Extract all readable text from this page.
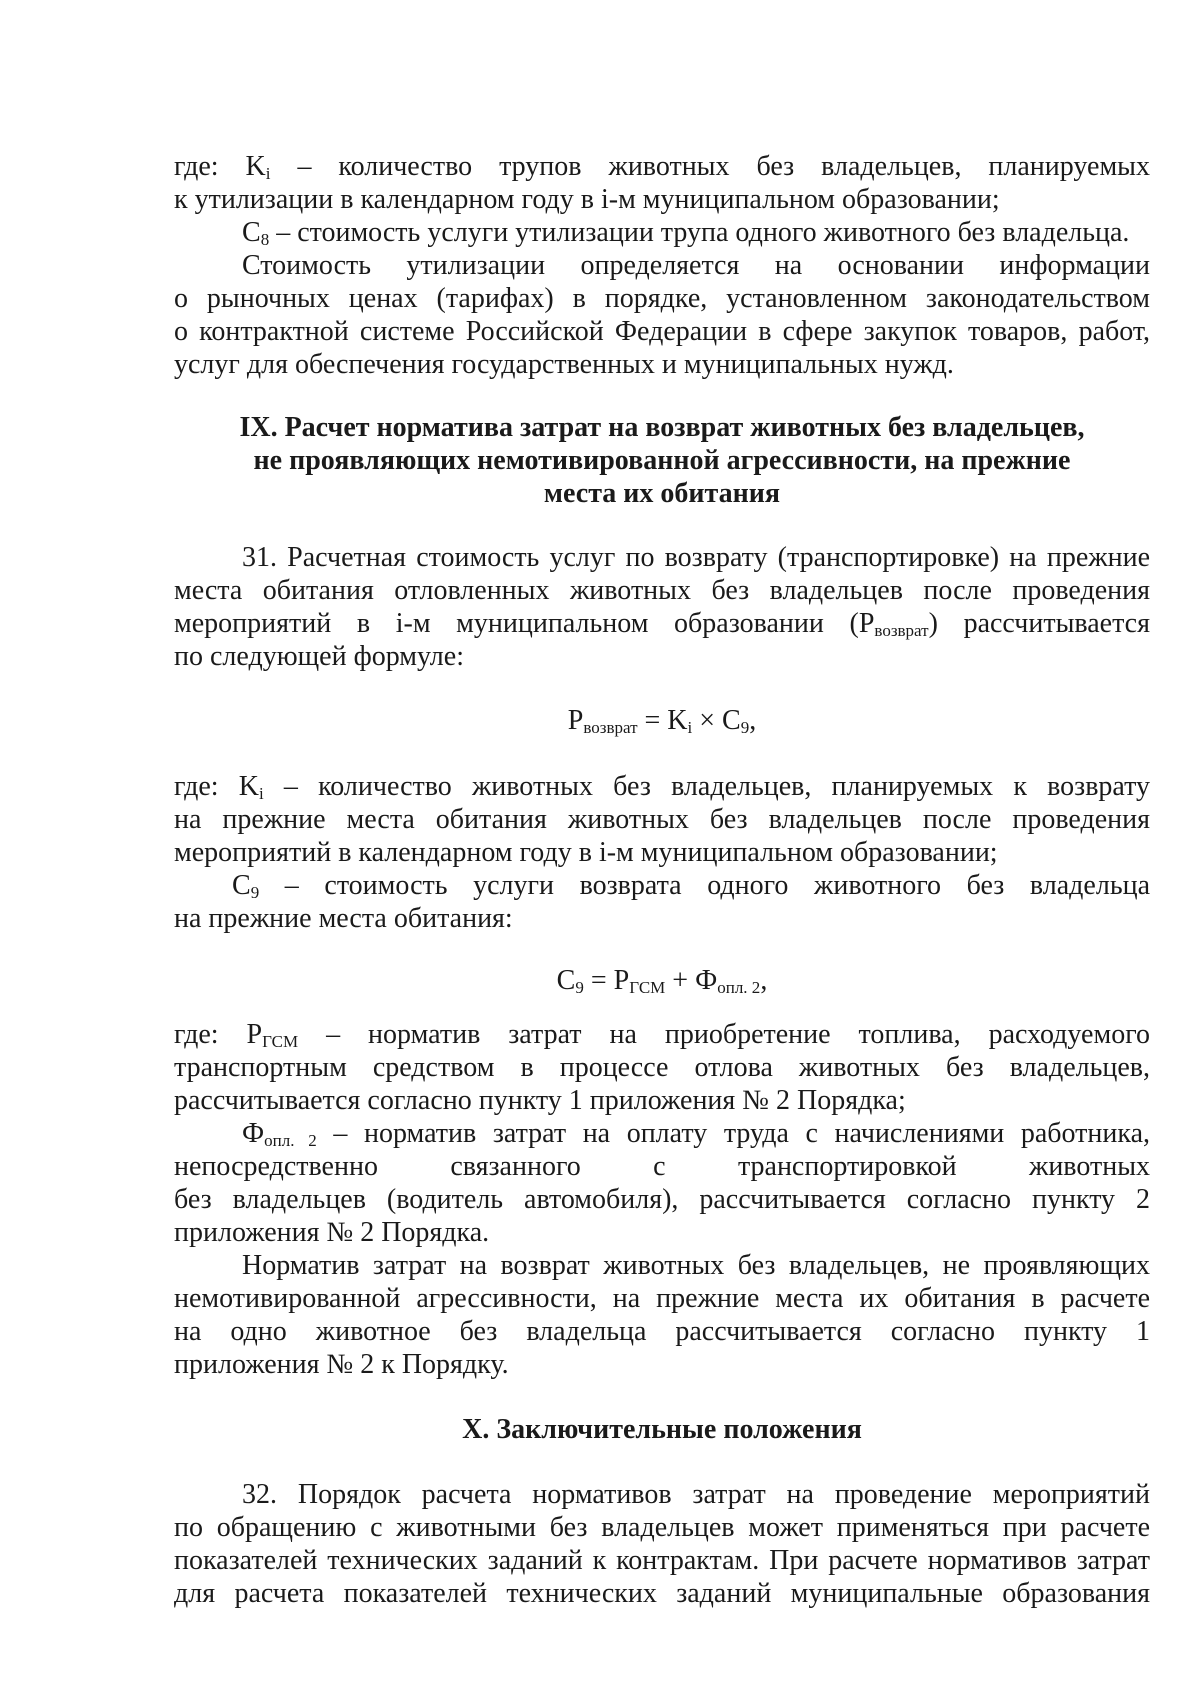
где: $K_i$ – количество трупов животных без владельцев, планируемых
к утилизации в календарном году в i-м муниципальном образовании;
$C_8$ – стоимость услуги утилизации трупа одного животного без владельца.
Стоимость утилизации определяется на основании информации
о рыночных ценах (тарифах) в порядке, установленном законодательством
о контрактной системе Российской Федерации в сфере закупок товаров, работ,
услуг для обеспечения государственных и муниципальных нужд.
IX. Расчет норматива затрат на возврат животных без владельцев,
не проявляющих немотивированной агрессивности, на прежние
места их обитания
31. Расчетная стоимость услуг по возврату (транспортировке) на прежние
места обитания отловленных животных без владельцев после проведения
мероприятий в i-м муниципальном образовании $(P_{возврат})$ рассчитывается
по следующей формуле:
$P_{возврат} = K_i \times C_9$,
где: $K_i$ – количество животных без владельцев, планируемых к возврату
на прежние места обитания животных без владельцев после проведения
мероприятий в календарном году в i-м муниципальном образовании;
$C_9$ – стоимость услуги возврата одного животного без владельца
на прежние места обитания:
$C_9 = P_{ГСМ} + Ф_{опл. 2}$,
где: $P_{ГСМ}$ – норматив затрат на приобретение топлива, расходуемого
транспортным средством в процессе отлова животных без владельцев,
рассчитывается согласно пункту 1 приложения № 2 Порядка;
$Ф_{опл. 2}$ – норматив затрат на оплату труда с начислениями работника,
непосредственно связанного с транспортировкой животных
без владельцев (водитель автомобиля), рассчитывается согласно пункту 2
приложения № 2 Порядка.
Норматив затрат на возврат животных без владельцев, не проявляющих
немотивированной агрессивности, на прежние места их обитания в расчете
на одно животное без владельца рассчитывается согласно пункту 1
приложения № 2 к Порядку.
X. Заключительные положения
32. Порядок расчета нормативов затрат на проведение мероприятий
по обращению с животными без владельцев может применяться при расчете
показателей технических заданий к контрактам. При расчете нормативов затрат
для расчета показателей технических заданий муниципальные образования
